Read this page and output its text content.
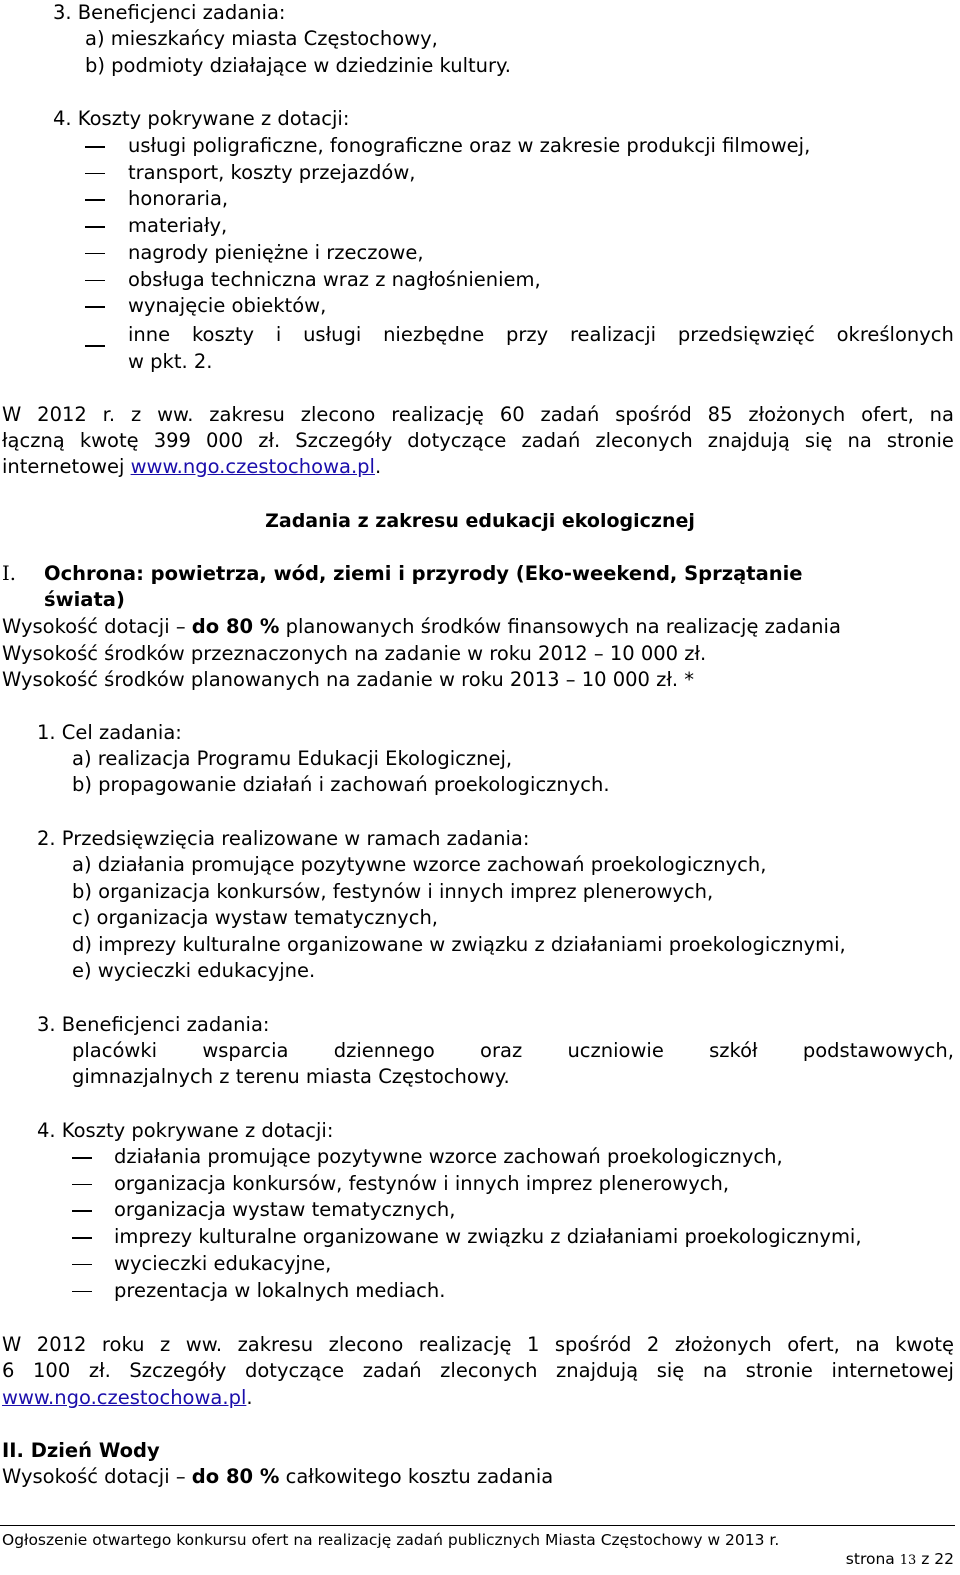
3. Beneficjenci zadania:
a) mieszkańcy miasta Częstochowy,
b) podmioty działające w dziedzinie kultury.
4. Koszty pokrywane z dotacji:
usługi poligraficzne, fonograficzne oraz w zakresie produkcji filmowej,
transport, koszty przejazdów,
honoraria,
materiały,
nagrody pieniężne i rzeczowe,
obsługa techniczna wraz z nagłośnieniem,
wynajęcie obiektów,
inne koszty i usługi niezbędne przy realizacji przedsięwzięć określonych
w pkt. 2.
W 2012 r. z ww. zakresu zlecono realizację 60 zadań spośród 85 złożonych ofert, na
łączną kwotę 399 000 zł. Szczegóły dotyczące zadań zleconych znajdują się na stronie
internetowej www.ngo.czestochowa.pl.
Zadania z zakresu edukacji ekologicznej
I. Ochrona: powietrza, wód, ziemi i przyrody (Eko-weekend, Sprzątanie
świata)
Wysokość dotacji – do 80 % planowanych środków finansowych na realizację zadania
Wysokość środków przeznaczonych na zadanie w roku 2012 – 10 000 zł.
Wysokość środków planowanych na zadanie w roku 2013 – 10 000 zł. *
1. Cel zadania:
a) realizacja Programu Edukacji Ekologicznej,
b) propagowanie działań i zachowań proekologicznych.
2. Przedsięwzięcia realizowane w ramach zadania:
a) działania promujące pozytywne wzorce zachowań proekologicznych,
b) organizacja konkursów, festynów i innych imprez plenerowych,
c) organizacja wystaw tematycznych,
d) imprezy kulturalne organizowane w związku z działaniami proekologicznymi,
e) wycieczki edukacyjne.
3. Beneficjenci zadania:
placówki wsparcia dziennego oraz uczniowie szkół podstawowych,
gimnazjalnych z terenu miasta Częstochowy.
4. Koszty pokrywane z dotacji:
działania promujące pozytywne wzorce zachowań proekologicznych,
organizacja konkursów, festynów i innych imprez plenerowych,
organizacja wystaw tematycznych,
imprezy kulturalne organizowane w związku z działaniami proekologicznymi,
wycieczki edukacyjne,
prezentacja w lokalnych mediach.
W 2012 roku z ww. zakresu zlecono realizację 1 spośród 2 złożonych ofert, na kwotę
6 100 zł. Szczegóły dotyczące zadań zleconych znajdują się na stronie internetowej
www.ngo.czestochowa.pl.
II. Dzień Wody
Wysokość dotacji – do 80 % całkowitego kosztu zadania
Ogłoszenie otwartego konkursu ofert na realizację zadań publicznych Miasta Częstochowy w 2013 r.
strona 13 z 22
